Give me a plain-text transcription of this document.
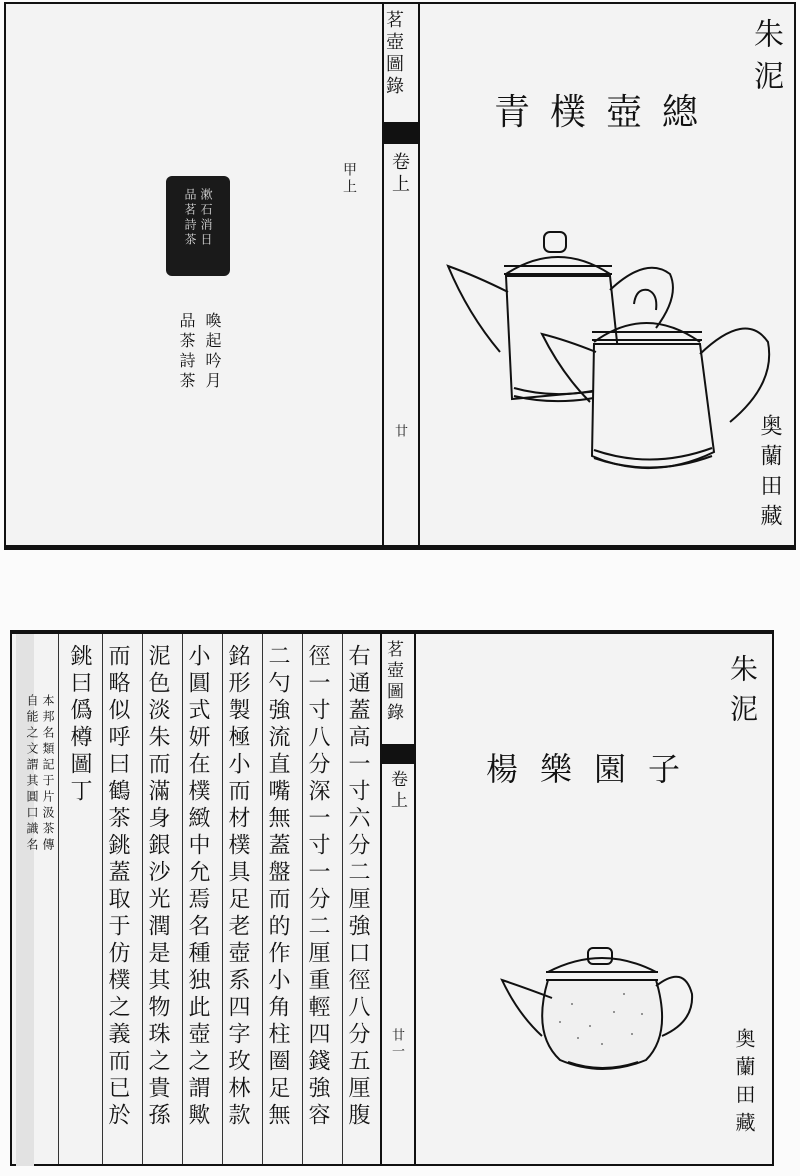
茗壺圖錄
卷上
廿
甲上
品茗詩茶 漱石消日
喚起吟月
品茶詩茶
朱泥
青樸壺總
奥蘭田藏
茗壺圖錄
卷上
廿一
右通蓋高一寸六分二厘強口徑八分五厘腹
徑一寸八分深一寸一分二厘重輕四錢強容
二勺強流直嘴無蓋盤而的作小角柱圈足無
銘形製極小而材樸具足老壺系四字玫林款
小圓式妍在樸緻中允焉名種独此壺之謂歟
泥色淡朱而滿身銀沙光潤是其物珠之貴孫
而略似呼曰鶴茶銚蓋取于仿樸之義而已於
銚曰僞樽圖丁
本邦名類記于片汲茶傳
自能之文謂其圓口識名	朱泥
楊樂園子
奥蘭田藏
